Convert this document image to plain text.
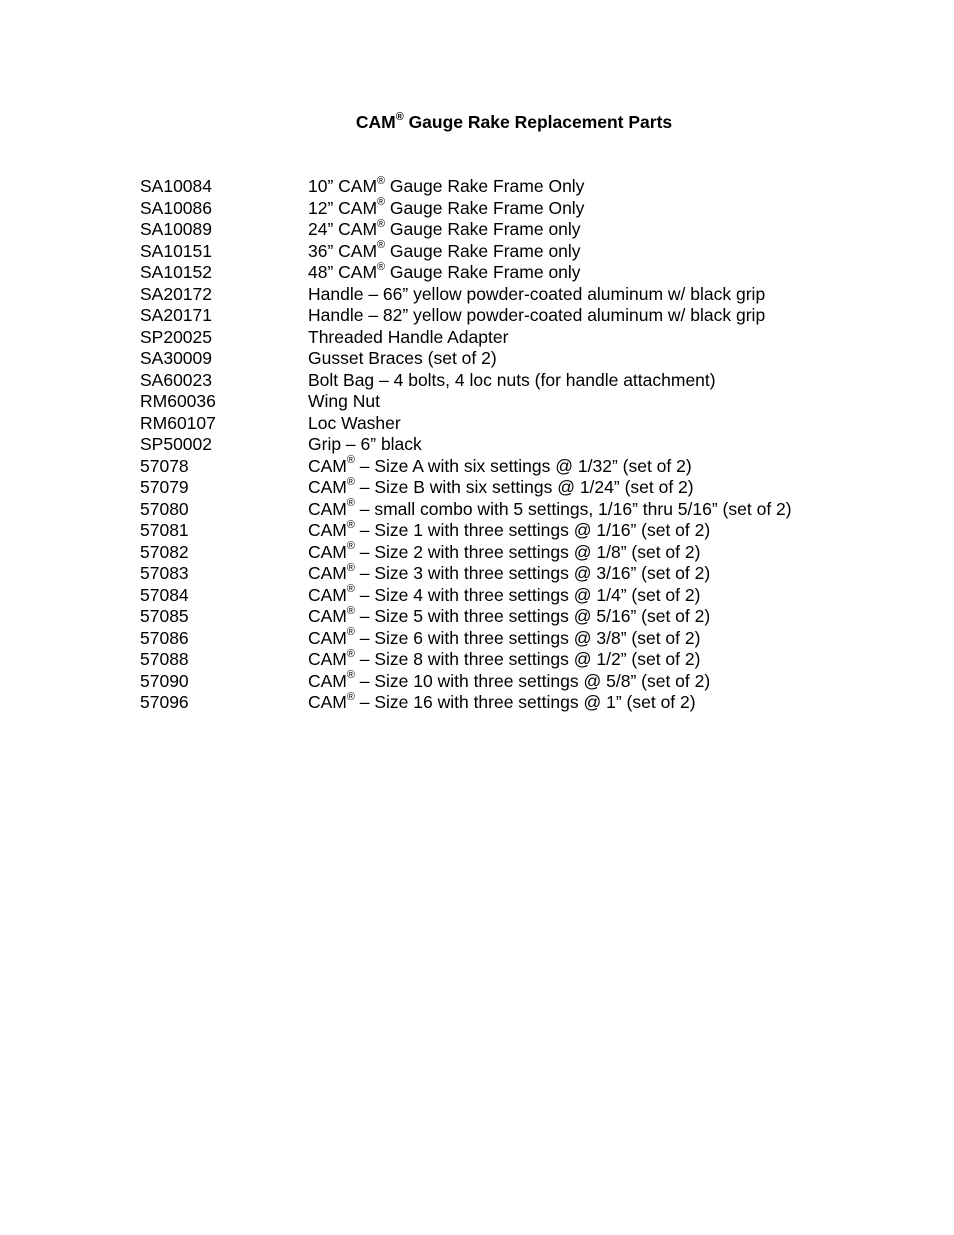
CAM® Gauge Rake Replacement Parts
SA10084	10” CAM® Gauge Rake Frame Only
SA10086	12” CAM® Gauge Rake Frame Only
SA10089	24” CAM® Gauge Rake Frame only
SA10151	36” CAM® Gauge Rake Frame only
SA10152	48” CAM® Gauge Rake Frame only
SA20172	Handle – 66” yellow powder-coated aluminum w/ black grip
SA20171	Handle – 82” yellow powder-coated aluminum w/ black grip
SP20025	Threaded Handle Adapter
SA30009	Gusset Braces (set of 2)
SA60023	Bolt Bag – 4 bolts, 4 loc nuts (for handle attachment)
RM60036	Wing Nut
RM60107	Loc Washer
SP50002	Grip – 6” black
57078	CAM® – Size A with six settings @ 1/32” (set of 2)
57079	CAM® – Size B with six settings @ 1/24” (set of 2)
57080	CAM® – small combo with 5 settings, 1/16” thru 5/16” (set of 2)
57081	CAM® – Size 1 with three settings @ 1/16” (set of 2)
57082	CAM® – Size 2 with three settings @ 1/8” (set of 2)
57083	CAM® – Size 3 with three settings @ 3/16” (set of 2)
57084	CAM® – Size 4 with three settings @ 1/4” (set of 2)
57085	CAM® – Size 5 with three settings @ 5/16” (set of 2)
57086	CAM® – Size 6 with three settings @ 3/8” (set of 2)
57088	CAM® – Size 8 with three settings @ 1/2” (set of 2)
57090	CAM® – Size 10 with three settings @ 5/8” (set of 2)
57096	CAM® – Size 16 with three settings @ 1” (set of 2)
